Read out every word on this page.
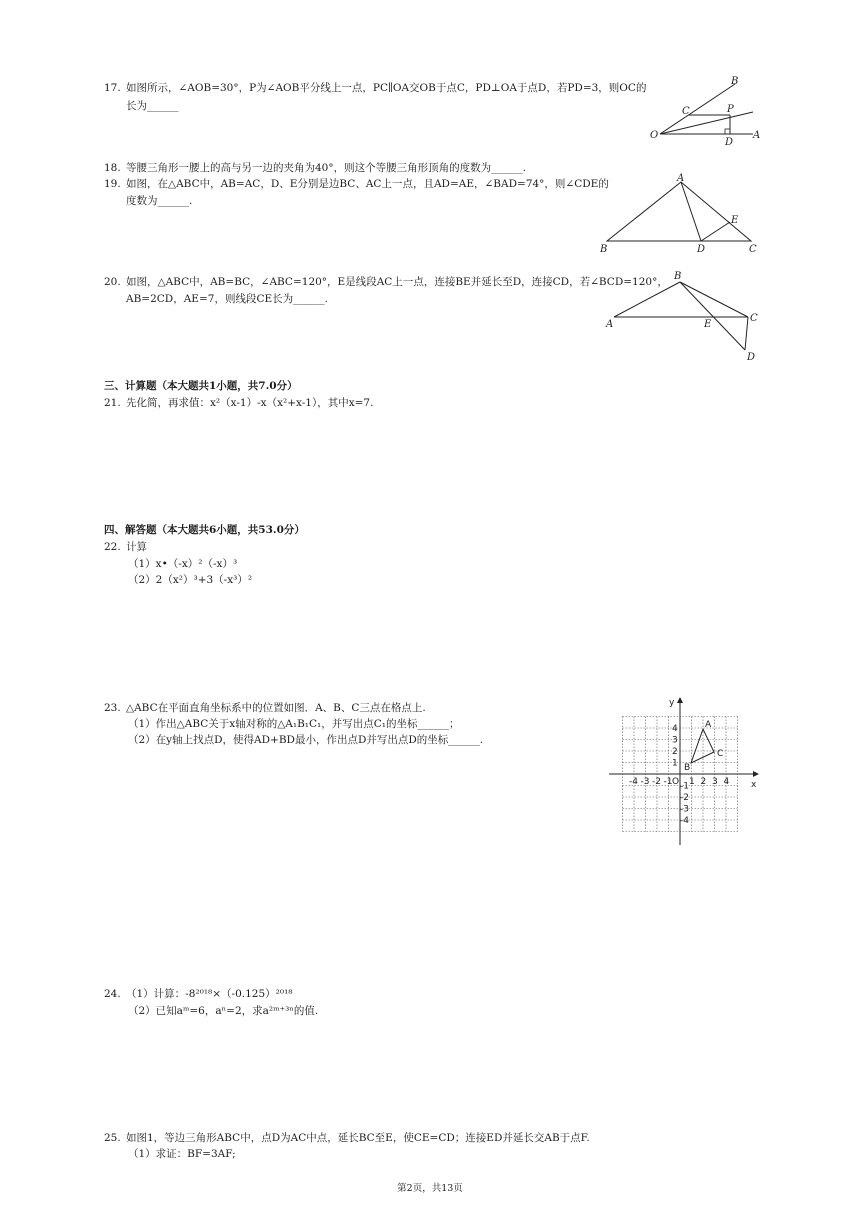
17. 如图所示，∠AOB=30°，P为∠AOB平分线上一点，PC∥OA交OB于点C，PD⊥OA于点D，若PD=3，则OC的
长为______
B
C	P
O
D
A
18. 等腰三角形一腰上的高与另一边的夹角为40°，则这个等腰三角形顶角的度数为______.
19. 如图，在△ABC中，AB=AC，D、E分别是边BC、AC上一点，且AD=AE，∠BAD=74°，则∠CDE的
度数为______.
A
E
B	D	C
20. 如图，△ABC中，AB=BC，∠ABC=120°，E是线段AC上一点，连接BE并延长至D，连接CD，若∠BCD=120°，
AB=2CD，AE=7，则线段CE长为______.
B
A	E
C
D
三、计算题（本大题共1小题，共7.0分）
21. 先化简，再求值：x²（x-1）-x（x²+x-1），其中x=7.
四、解答题（本大题共6小题，共53.0分）
22. 计算
（1）x•（-x）²（-x）³
（2）2（x²）³+3（-x³）²
23. △ABC在平面直角坐标系中的位置如图．A、B、C三点在格点上.
（1）作出△ABC关于x轴对称的△A₁B₁C₁，并写出点C₁的坐标______；
（2）在y轴上找点D，使得AD+BD最小，作出点D并写出点D的坐标______.
x
y
O
-4 -3 -2 -1 1 2 3 4
4
3
2
1
-1
-2
-3
-4
A
B
C
24. （1）计算：-8²⁰¹⁸×（-0.125）²⁰¹⁸
（2）已知aᵐ=6，aⁿ=2，求a²ᵐ⁺³ⁿ的值.
25. 如图1，等边三角形ABC中，点D为AC中点，延长BC至E，使CE=CD；连接ED并延长交AB于点F.
（1）求证：BF=3AF;
第2页，共13页
